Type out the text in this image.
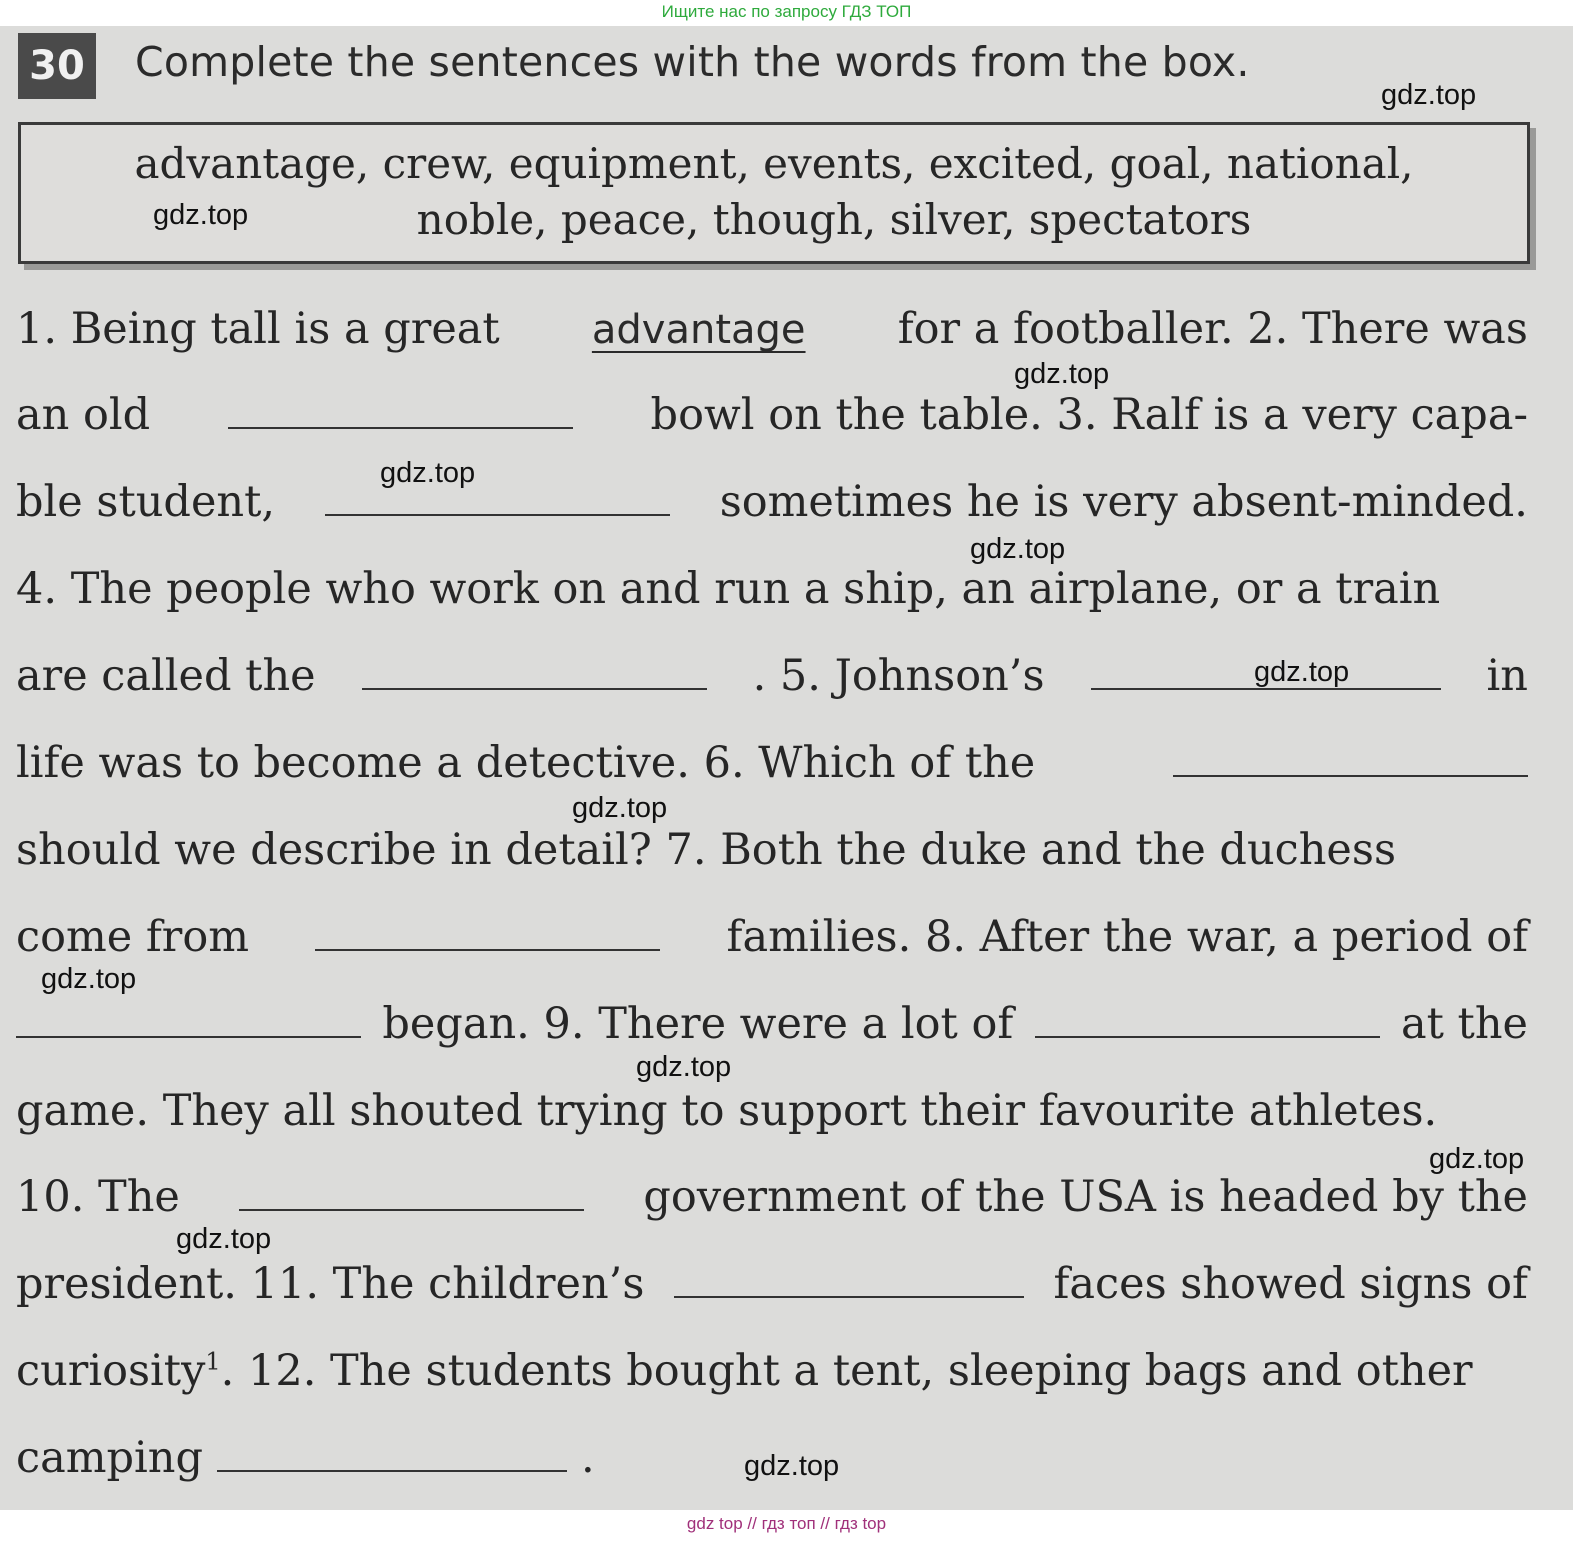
Ищите нас по запросу ГДЗ ТОП
30 Complete the sentences with the words from the box.
advantage, crew, equipment, events, excited, goal, national,
noble, peace, though, silver, spectators
1. Being tall is a great advantage for a footballer. 2. There was
an old	bowl on the table. 3. Ralf is a very capa-
ble student,	sometimes he is very absent-minded.
4. The people who work on and run a ship, an airplane, or a train
are called the	. 5. Johnson’s	in
life was to become a detective. 6. Which of the
should we describe in detail? 7. Both the duke and the duchess
come from	families. 8. After the war, a period of
began. 9. There were a lot of	at the
game. They all shouted trying to support their favourite athletes.
10. The	government of the USA is headed by the
president. 11. The children’s	faces showed signs of
curiosity$^1$. 12. The students bought a tent, sleeping bags and other
camping	.
gdz.top
gdz.top
gdz.top
gdz.top
gdz.top
gdz.top
gdz.top
gdz.top
gdz.top
gdz.top
gdz.top
gdz.top
gdz top // гдз топ // гдз top
